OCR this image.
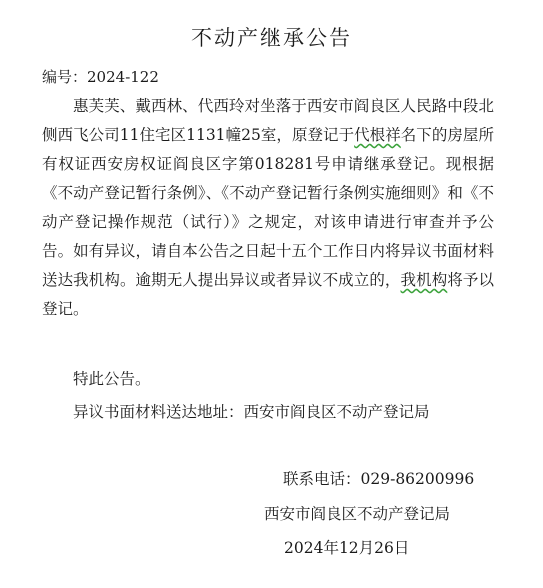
不动产继承公告
编号：2024-122

惠芙芙、戴西林、代西玲对坐落于西安市阎良区人民路中段北侧西飞公司11住宅区1131幢25室，原登记于代根祥名下的房屋所有权证西安房权证阎良区字第018281号申请继承登记。现根据《不动产登记暂行条例》、《不动产登记暂行条例实施细则》和《不动产登记操作规范（试行）》之规定，对该申请进行审查并予公告。如有异议，请自本公告之日起十五个工作日内将异议书面材料送达我机构。逾期无人提出异议或者异议不成立的，我机构将予以登记。

特此公告。
异议书面材料送达地址：西安市阎良区不动产登记局
联系电话：029-86200996
西安市阎良区不动产登记局
2024年12月26日
